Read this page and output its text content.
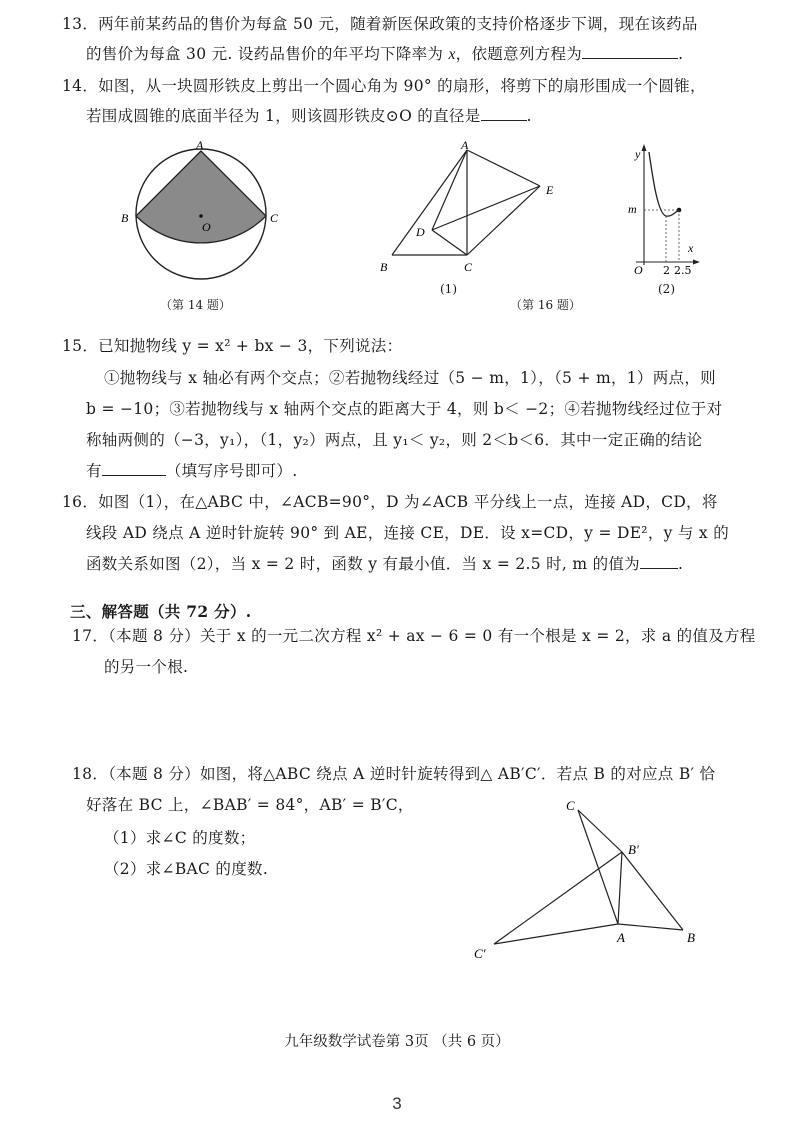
13．两年前某药品的售价为每盒 50 元，随着新医保政策的支持价格逐步下调，现在该药品
的售价为每盒 30 元. 设药品售价的年平均下降率为 x，依题意列方程为	.
14．如图，从一块圆形铁皮上剪出一个圆心角为 90° 的扇形，将剪下的扇形围成一个圆锥，
若围成圆锥的底面半径为 1，则该圆形铁皮⊙O 的直径是	.
A
B	C
O
（第 14 题）
A
B	C
D
E
(1)
（第 16 题）
y
m
x
O 2 2.5
(2)
15．已知抛物线 y = x² + bx − 3，下列说法：
①抛物线与 x 轴必有两个交点；②若抛物线经过（5 − m，1），（5 + m，1）两点，则
b = −10；③若抛物线与 x 轴两个交点的距离大于 4，则 b＜ −2；④若抛物线经过位于对
称轴两侧的（−3，y₁），（1，y₂）两点，且 y₁＜ y₂，则 2＜b＜6．其中一定正确的结论
有	（填写序号即可）.
16．如图（1），在△ABC 中，∠ACB=90°，D 为∠ACB 平分线上一点，连接 AD，CD，将
线段 AD 绕点 A 逆时针旋转 90° 到 AE，连接 CE，DE．设 x=CD，y = DE²，y 与 x 的
函数关系如图（2），当 x = 2 时，函数 y 有最小值．当 x = 2.5 时, m 的值为 .
三、解答题（共 72 分）.
17．（本题 8 分）关于 x 的一元二次方程 x² + ax − 6 = 0 有一个根是 x = 2，求 a 的值及方程
的另一个根.
18．（本题 8 分）如图，将△ABC 绕点 A 逆时针旋转得到△ AB′C′．若点 B 的对应点 B′ 恰
好落在 BC 上，∠BAB′ = 84°，AB′ = B′C，
（1）求∠C 的度数；
（2）求∠BAC 的度数.
C
B′
A	B
C′
九年级数学试卷第 3页 （共 6 页）
3
